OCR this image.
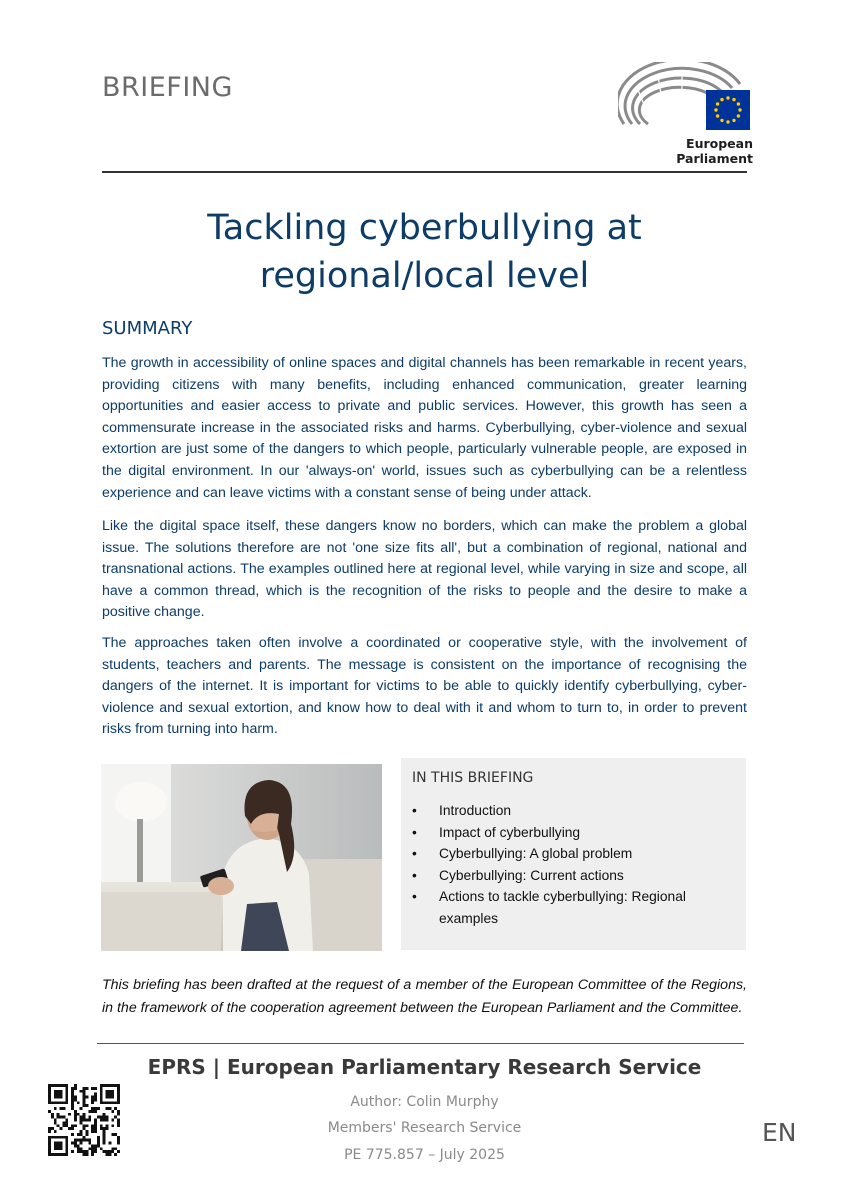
BRIEFING
European Parliament
Tackling cyberbullying at
regional/local level
SUMMARY
The growth in accessibility of online spaces and digital channels has been remarkable in recent years, providing citizens with many benefits, including enhanced communication, greater learning opportunities and easier access to private and public services. However, this growth has seen a commensurate increase in the associated risks and harms. Cyberbullying, cyber-violence and sexual extortion are just some of the dangers to which people, particularly vulnerable people, are exposed in the digital environment. In our 'always-on' world, issues such as cyberbullying can be a relentless experience and can leave victims with a constant sense of being under attack.
Like the digital space itself, these dangers know no borders, which can make the problem a global issue. The solutions therefore are not 'one size fits all', but a combination of regional, national and transnational actions. The examples outlined here at regional level, while varying in size and scope, all have a common thread, which is the recognition of the risks to people and the desire to make a positive change.
The approaches taken often involve a coordinated or cooperative style, with the involvement of students, teachers and parents. The message is consistent on the importance of recognising the dangers of the internet. It is important for victims to be able to quickly identify cyberbullying, cyber-violence and sexual extortion, and know how to deal with it and whom to turn to, in order to prevent risks from turning into harm.
IN THIS BRIEFING
• Introduction
• Impact of cyberbullying
• Cyberbullying: A global problem
• Cyberbullying: Current actions
• Actions to tackle cyberbullying: Regional examples
This briefing has been drafted at the request of a member of the European Committee of the Regions, in the framework of the cooperation agreement between the European Parliament and the Committee.
EPRS | European Parliamentary Research Service
Author: Colin Murphy
Members' Research Service
PE 775.857 – July 2025
EN
